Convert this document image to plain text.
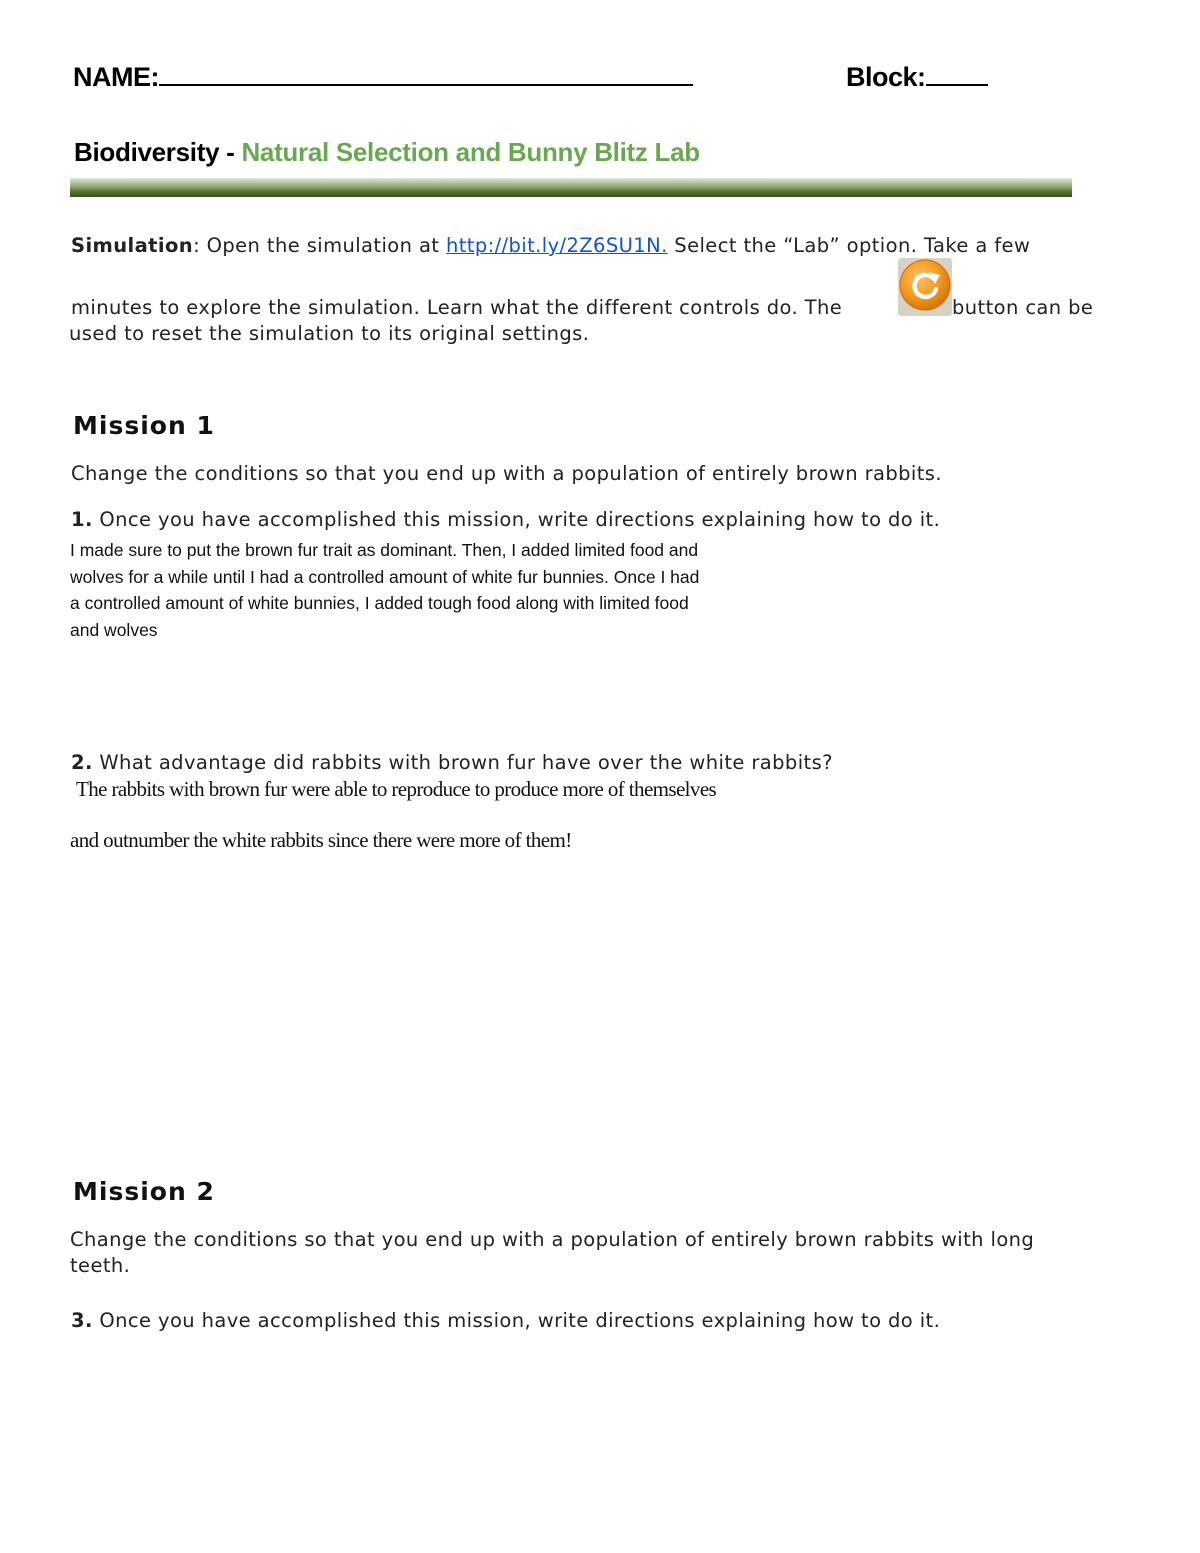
NAME:	Block:
Biodiversity - Natural Selection and Bunny Blitz Lab
Simulation: Open the simulation at http://bit.ly/2Z6SU1N. Select the “Lab” option. Take a few
minutes to explore the simulation. Learn what the different controls do. The	button can be
used to reset the simulation to its original settings.
Mission 1
Change the conditions so that you end up with a population of entirely brown rabbits.
1. Once you have accomplished this mission, write directions explaining how to do it.
I made sure to put the brown fur trait as dominant. Then, I added limited food and
wolves for a while until I had a controlled amount of white fur bunnies. Once I had
a controlled amount of white bunnies, I added tough food along with limited food
and wolves
2. What advantage did rabbits with brown fur have over the white rabbits?
The rabbits with brown fur were able to reproduce to produce more of themselves
and outnumber the white rabbits since there were more of them!
Mission 2
Change the conditions so that you end up with a population of entirely brown rabbits with long
teeth.
3. Once you have accomplished this mission, write directions explaining how to do it.
